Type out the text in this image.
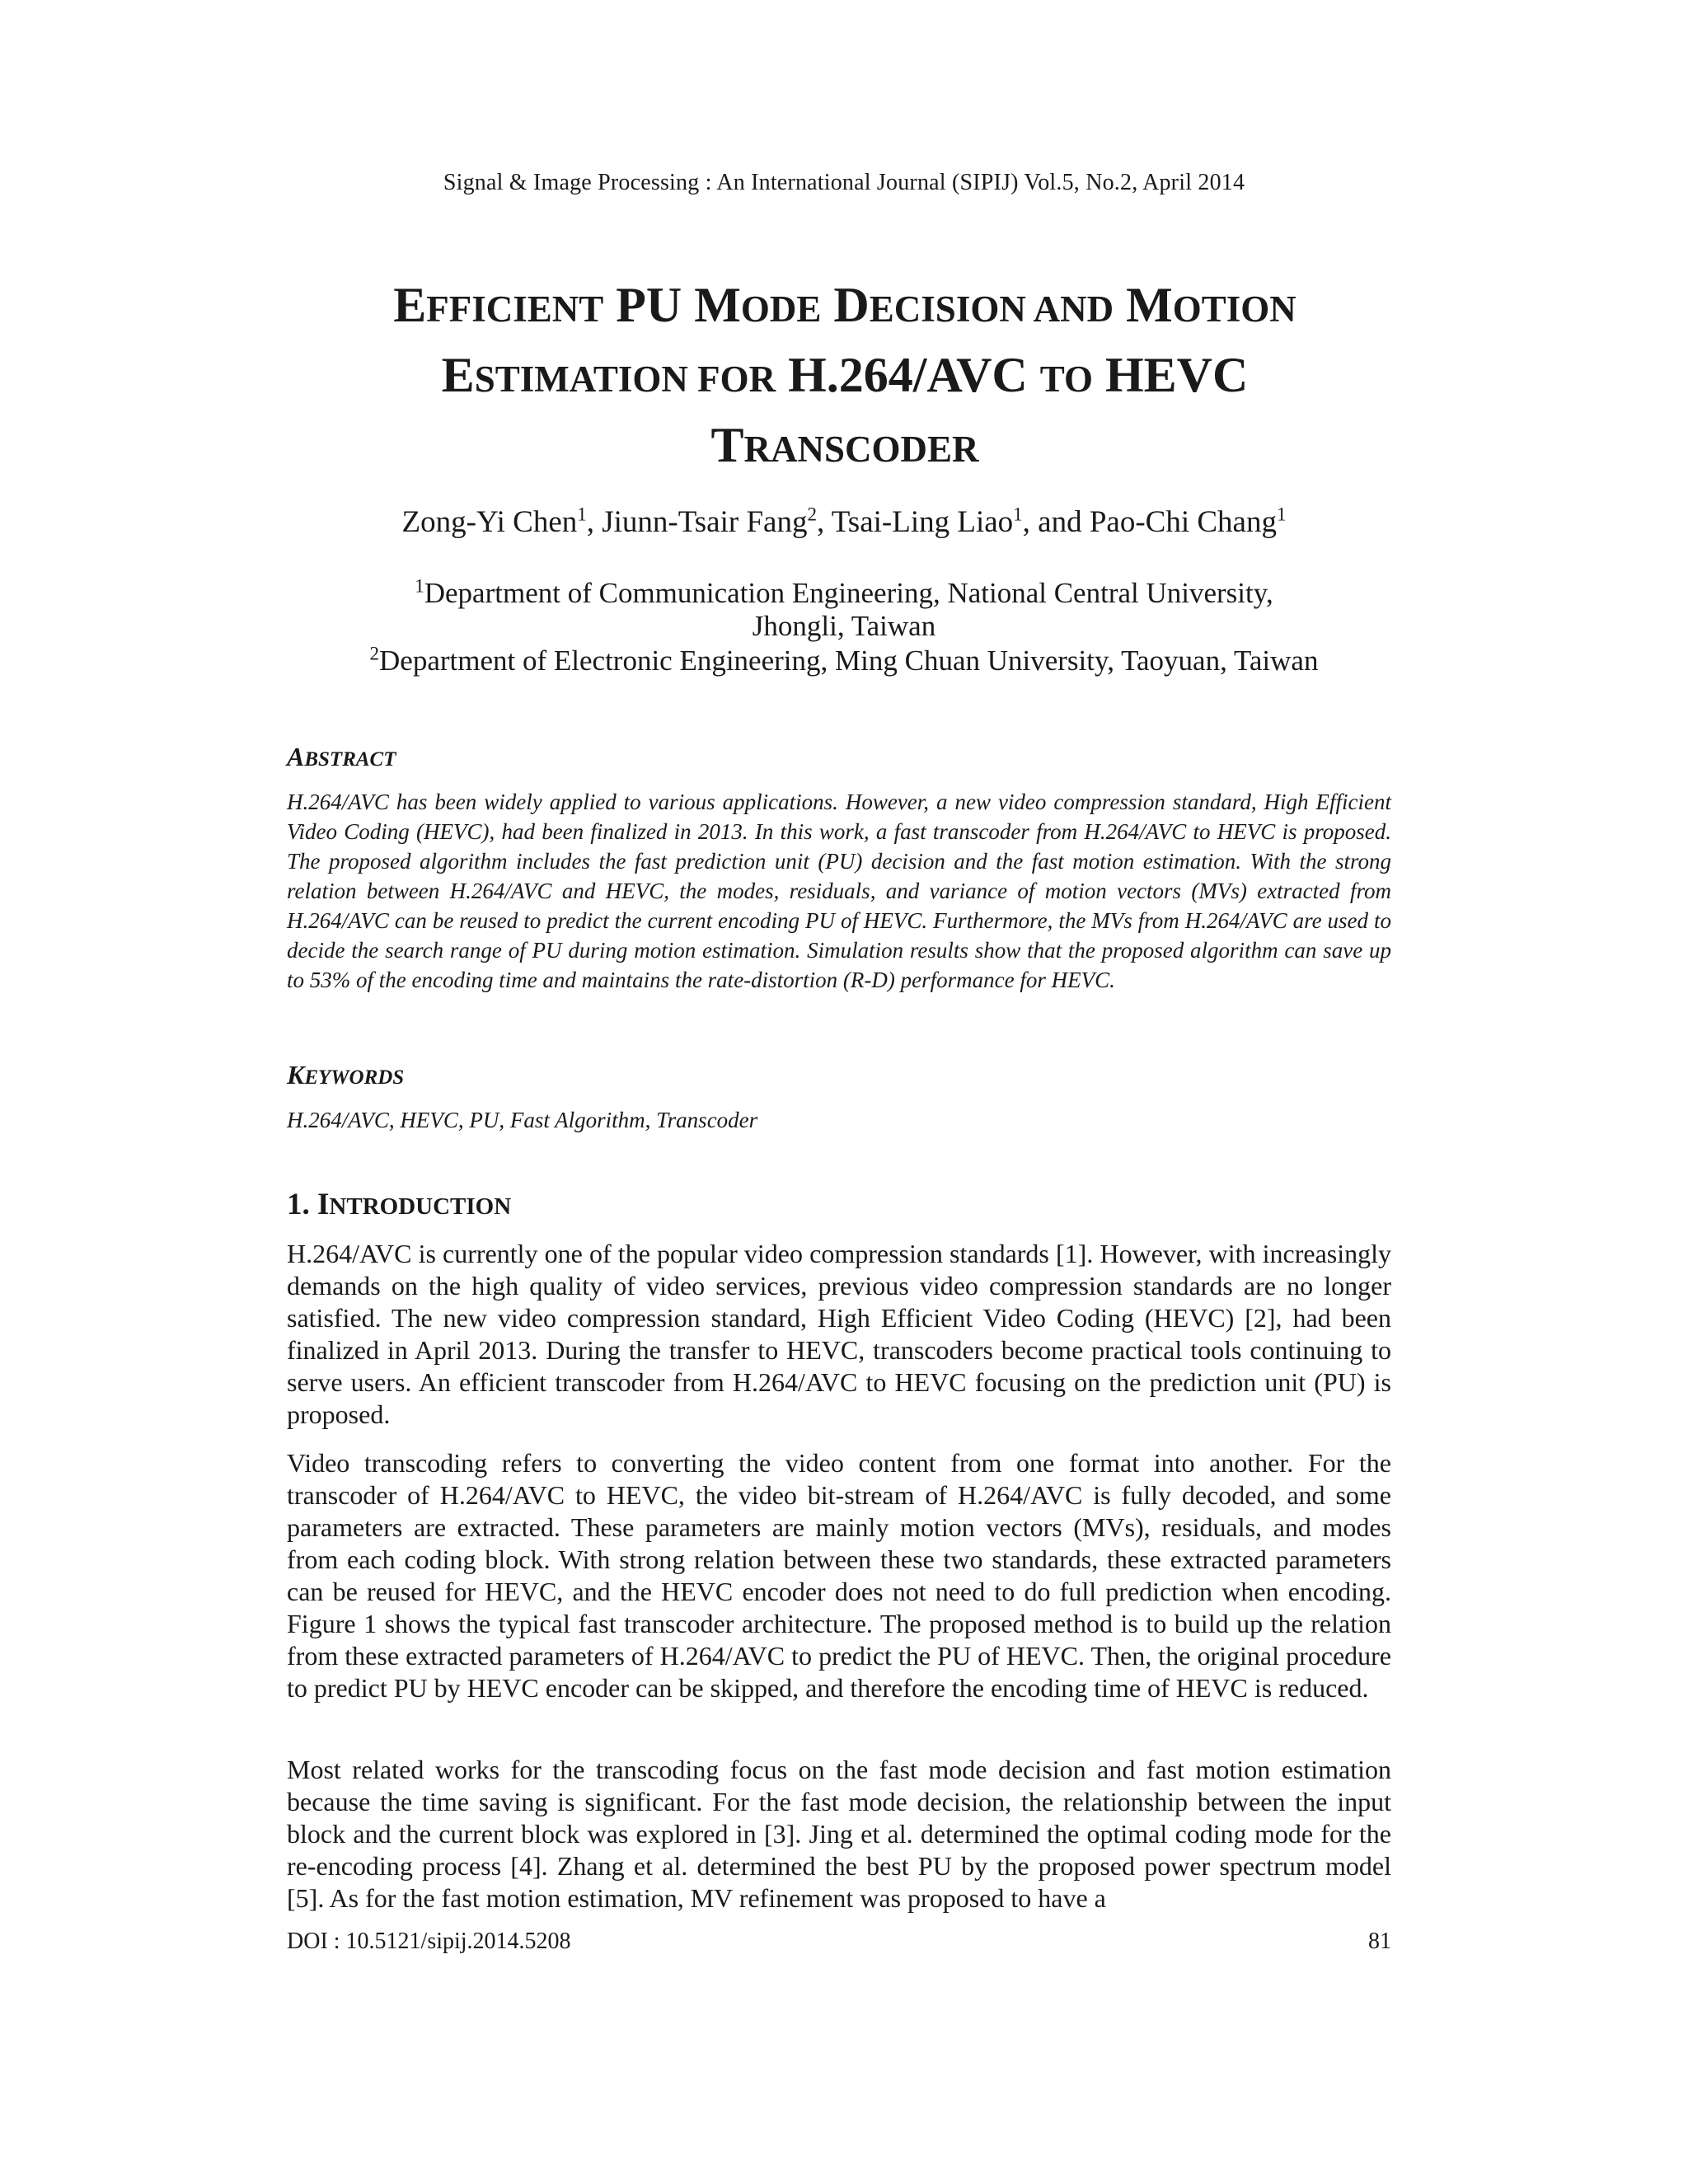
Signal & Image Processing : An International Journal (SIPIJ) Vol.5, No.2, April 2014
EFFICIENT PU MODE DECISION AND MOTION
ESTIMATION FOR H.264/AVC TO HEVC
TRANSCODER
Zong-Yi Chen$^1$, Jiunn-Tsair Fang$^2$, Tsai-Ling Liao$^1$, and Pao-Chi Chang$^1$
$^1$Department of Communication Engineering, National Central University,
Jhongli, Taiwan
$^2$Department of Electronic Engineering, Ming Chuan University, Taoyuan, Taiwan
ABSTRACT
H.264/AVC has been widely applied to various applications. However, a new video compression standard, High Efficient Video Coding (HEVC), had been finalized in 2013. In this work, a fast transcoder from H.264/AVC to HEVC is proposed. The proposed algorithm includes the fast prediction unit (PU) decision and the fast motion estimation. With the strong relation between H.264/AVC and HEVC, the modes, residuals, and variance of motion vectors (MVs) extracted from H.264/AVC can be reused to predict the current encoding PU of HEVC. Furthermore, the MVs from H.264/AVC are used to decide the search range of PU during motion estimation. Simulation results show that the proposed algorithm can save up to 53% of the encoding time and maintains the rate-distortion (R-D) performance for HEVC.
KEYWORDS
H.264/AVC, HEVC, PU, Fast Algorithm, Transcoder
1. INTRODUCTION
H.264/AVC is currently one of the popular video compression standards [1]. However, with increasingly demands on the high quality of video services, previous video compression standards are no longer satisfied. The new video compression standard, High Efficient Video Coding (HEVC) [2], had been finalized in April 2013. During the transfer to HEVC, transcoders become practical tools continuing to serve users. An efficient transcoder from H.264/AVC to HEVC focusing on the prediction unit (PU) is proposed.
Video transcoding refers to converting the video content from one format into another. For the transcoder of H.264/AVC to HEVC, the video bit-stream of H.264/AVC is fully decoded, and some parameters are extracted. These parameters are mainly motion vectors (MVs), residuals, and modes from each coding block. With strong relation between these two standards, these extracted parameters can be reused for HEVC, and the HEVC encoder does not need to do full prediction when encoding. Figure 1 shows the typical fast transcoder architecture. The proposed method is to build up the relation from these extracted parameters of H.264/AVC to predict the PU of HEVC. Then, the original procedure to predict PU by HEVC encoder can be skipped, and therefore the encoding time of HEVC is reduced.
Most related works for the transcoding focus on the fast mode decision and fast motion estimation because the time saving is significant. For the fast mode decision, the relationship between the input block and the current block was explored in [3]. Jing et al. determined the optimal coding mode for the re-encoding process [4]. Zhang et al. determined the best PU by the proposed power spectrum model [5]. As for the fast motion estimation, MV refinement was proposed to have a
DOI : 10.5121/sipij.2014.5208	81
